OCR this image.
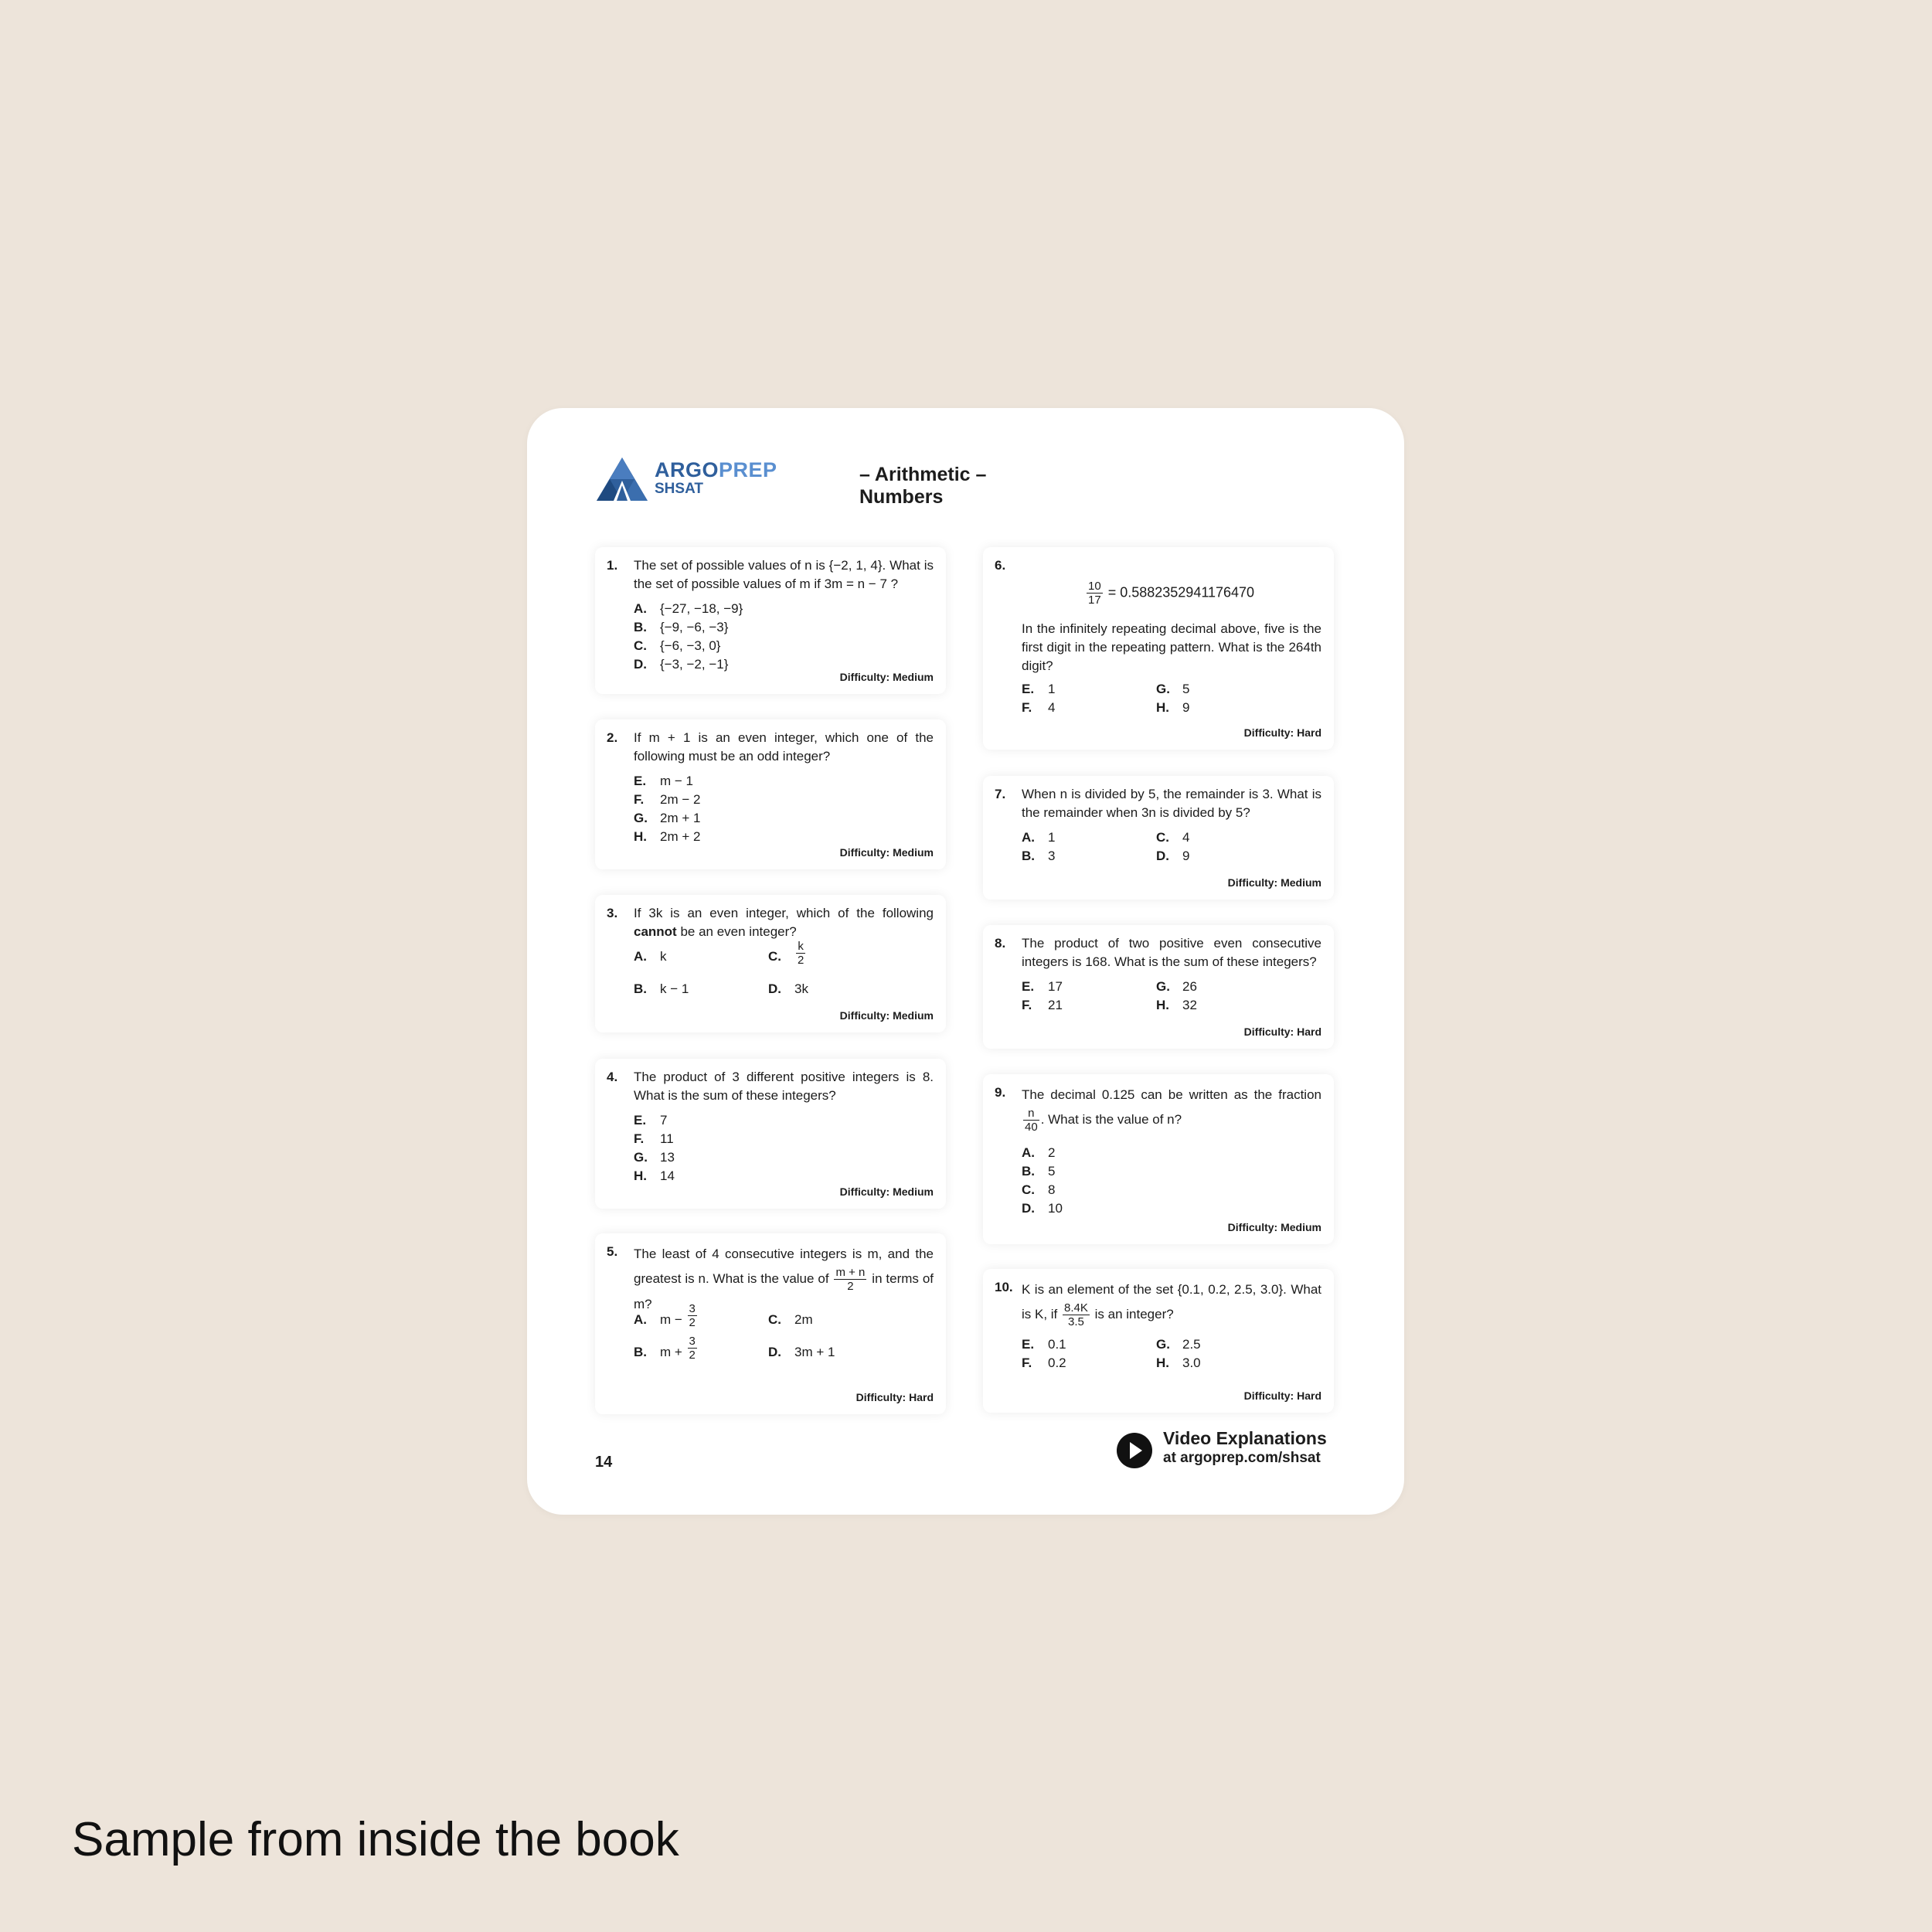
ARGOPREP
SHSAT
– Arithmetic – Numbers
1. The set of possible values of n is {−2, 1, 4}. What is the set of possible values of m if 3m = n − 7 ?
A. {−27, −18, −9}
B. {−9, −6, −3}
C. {−6, −3, 0}
D. {−3, −2, −1}
Difficulty: Medium
2. If m + 1 is an even integer, which one of the following must be an odd integer?
E. m − 1
F. 2m − 2
G. 2m + 1
H. 2m + 2
Difficulty: Medium
3. If 3k is an even integer, which of the following cannot be an even integer?
A. k
B. k − 1
C. $\frac{k}{2}$
D. 3k
Difficulty: Medium
4. The product of 3 different positive integers is 8. What is the sum of these integers?
E. 7
F. 11
G. 13
H. 14
Difficulty: Medium
5. The least of 4 consecutive integers is m, and the greatest is n. What is the value of $\frac{m + n}{2}$ in terms of m?
A. $m - \frac{3}{2}$
B. $m + \frac{3}{2}$
C. 2m
D. 3m + 1
Difficulty: Hard
6.
$\frac{10}{17} = 0.5882352941176470$
In the infinitely repeating decimal above, five is the first digit in the repeating pattern. What is the 264th digit?
E. 1
F. 4
G. 5
H. 9
Difficulty: Hard
7. When n is divided by 5, the remainder is 3. What is the remainder when 3n is divided by 5?
A. 1
B. 3
C. 4
D. 9
Difficulty: Medium
8. The product of two positive even consecutive integers is 168. What is the sum of these integers?
E. 17
F. 21
G. 26
H. 32
Difficulty: Hard
9. The decimal 0.125 can be written as the fraction
$\frac{n}{40}$ . What is the value of n?
A. 2
B. 5
C. 8
D. 10
Difficulty: Medium
10. K is an element of the set {0.1, 0.2, 2.5, 3.0}. What is K, if $\frac{8.4K}{3.5}$ is an integer?
E. 0.1
F. 0.2
G. 2.5
H. 3.0
Difficulty: Hard
14
Video Explanations
at argoprep.com/shsat
Sample from inside the book
